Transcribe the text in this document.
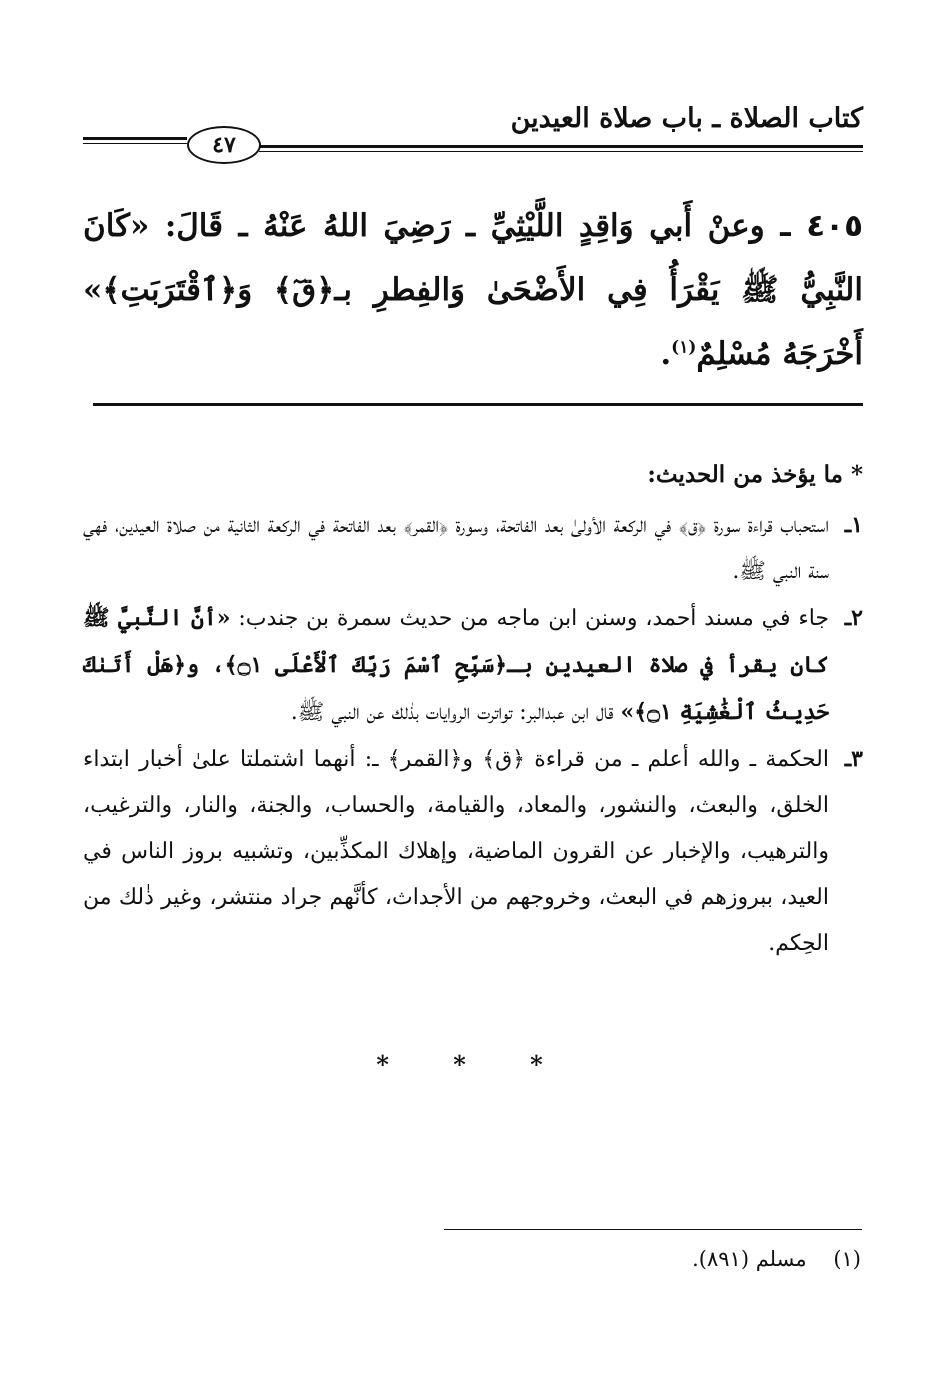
كتاب الصلاة ـ باب صلاة العيدين
٤٧
٤٠٥ ـ وعنْ أَبي وَاقِدٍ اللَّيْثِيِّ ـ رَضِيَ اللهُ عَنْهُ ـ قَالَ: «كَانَ النَّبِيُّ ﷺ يَقْرَأُ فِي الأَضْحَىٰ وَالفِطرِ بـ﴿قٓ﴾ وَ﴿ٱقْتَرَبَتِ﴾» أَخْرَجَهُ مُسْلِمٌ$^{(١)}$.

* ما يؤخذ من الحديث:

١ـاستحباب قراءة سورة ﴿ق﴾ في الركعة الأولىٰ بعد الفاتحة، وسورة ﴿القمر﴾ بعد الفاتحة في الركعة الثانية من صلاة العيدين، فهي سنة النبي ﷺ.

٢ـجاء في مسند أحمد، وسنن ابن ماجه من حديث سمرة بن جندب: «أنَّ النَّبيَّ ﷺ كان يقرأ في صلاة العيدين بـ﴿سَبِّحِ ٱسْمَ رَبِّكَ ٱلْأَعْلَى ۝١﴾، و﴿هَلْ أَتَىٰكَ حَدِيثُ ٱلْغَٰشِيَةِ ۝١﴾» قال ابن عبدالبر: تواترت الروايات بذٰلك عن النبي ﷺ.

٣ـالحكمة ـ والله أعلم ـ من قراءة ﴿ق﴾ و﴿القمر﴾ ـ: أنهما اشتملتا علىٰ أخبار ابتداء الخلق، والبعث، والنشور، والمعاد، والقيامة، والحساب، والجنة، والنار، والترغيب، والترهيب، والإخبار عن القرون الماضية، وإهلاك المكذِّبين، وتشبيه بروز الناس في العيد، ببروزهم في البعث، وخروجهم من الأجداث، كأنَّهم جراد منتشر، وغير ذٰلك من الحِكم.

* * *
(١)    مسلم (٨٩١).
